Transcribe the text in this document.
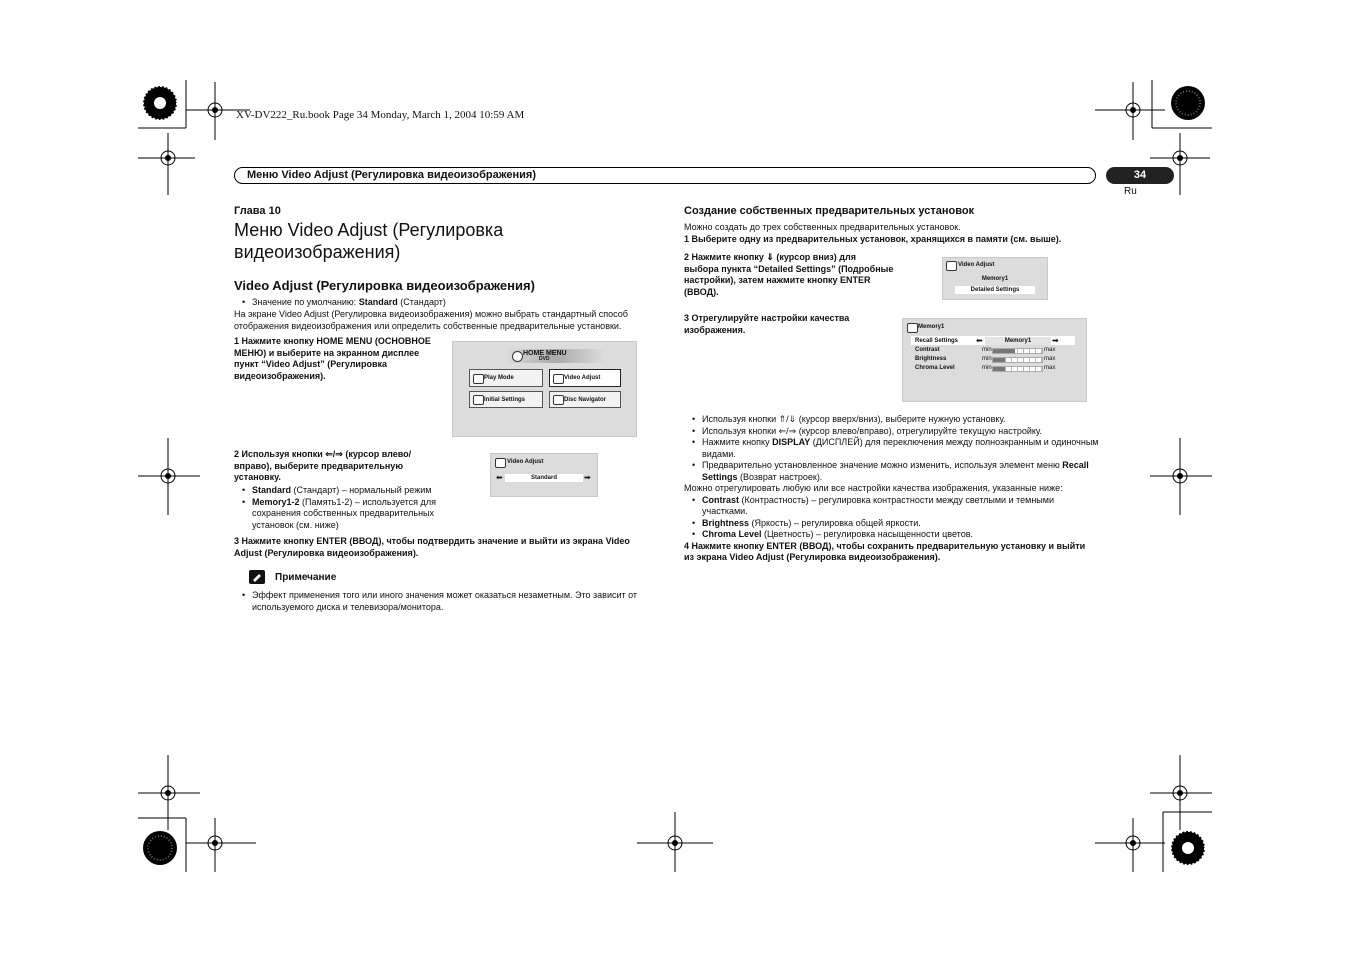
XV-DV222_Ru.book Page 34 Monday, March 1, 2004 10:59 AM
Меню Video Adjust (Регулировка видеоизображения)	34
Ru
Глава 10
Меню Video Adjust (Регулировка
видеоизображения)
Video Adjust (Регулировка видеоизображения)
• Значение по умолчанию: Standard (Стандарт)
На экране Video Adjust (Регулировка видеоизображения) можно выбрать стандартный способ
отображения видеоизображения или определить собственные предварительные установки.
1 Нажмите кнопку HOME MENU (ОСНОВНОЕ
МЕНЮ) и выберите на экранном дисплее
пункт “Video Adjust” (Регулировка
видеоизображения).
HOME MENU
DVD
Play Mode	Video Adjust
Initial Settings	Disc Navigator
2 Используя кнопки ⇐/⇒ (курсор влево/
вправо), выберите предварительную
установку.
• Standard (Стандарт) – нормальный режим
• Memory1-2 (Память1-2) – используется для
сохранения собственных предварительных
установок (см. ниже)
Video Adjust
⬅	Standard	➡
3 Нажмите кнопку ENTER (ВВОД), чтобы подтвердить значение и выйти из экрана Video
Adjust (Регулировка видеоизображения).
Примечание
• Эффект применения того или иного значения может оказаться незаметным. Это зависит от
используемого диска и телевизора/монитора.
Создание собственных предварительных установок
Можно создать до трех собственных предварительных установок.
1 Выберите одну из предварительных установок, хранящихся в памяти (см. выше).
2 Нажмите кнопку ⇓ (курсор вниз) для
выбора пункта “Detailed Settings” (Подробные
настройки), затем нажмите кнопку ENTER
(ВВОД).
Video Adjust
Memory1
Detailed Settings
3 Отрегулируйте настройки качества
изображения.	Memory1
Recall Settings ⬅	Memory1	➡
Contrast	min	max
Brightness	min	max
Chroma Level	min	max
• Используя кнопки ⇑/⇓ (курсор вверх/вниз), выберите нужную установку.
• Используя кнопки ⇐/⇒ (курсор влево/вправо), отрегулируйте текущую настройку.
• Нажмите кнопку DISPLAY (ДИСПЛЕЙ) для переключения между полноэкранным и одиночным
видами.
• Предварительно установленное значение можно изменить, используя элемент меню Recall
Settings (Возврат настроек).
Можно отрегулировать любую или все настройки качества изображения, указанные ниже:
• Contrast (Контрастность) – регулировка контрастности между светлыми и темными
участками.
• Brightness (Яркость) – регулировка общей яркости.
• Chroma Level (Цветность) – регулировка насыщенности цветов.
4 Нажмите кнопку ENTER (ВВОД), чтобы сохранить предварительную установку и выйти
из экрана Video Adjust (Регулировка видеоизображения).
